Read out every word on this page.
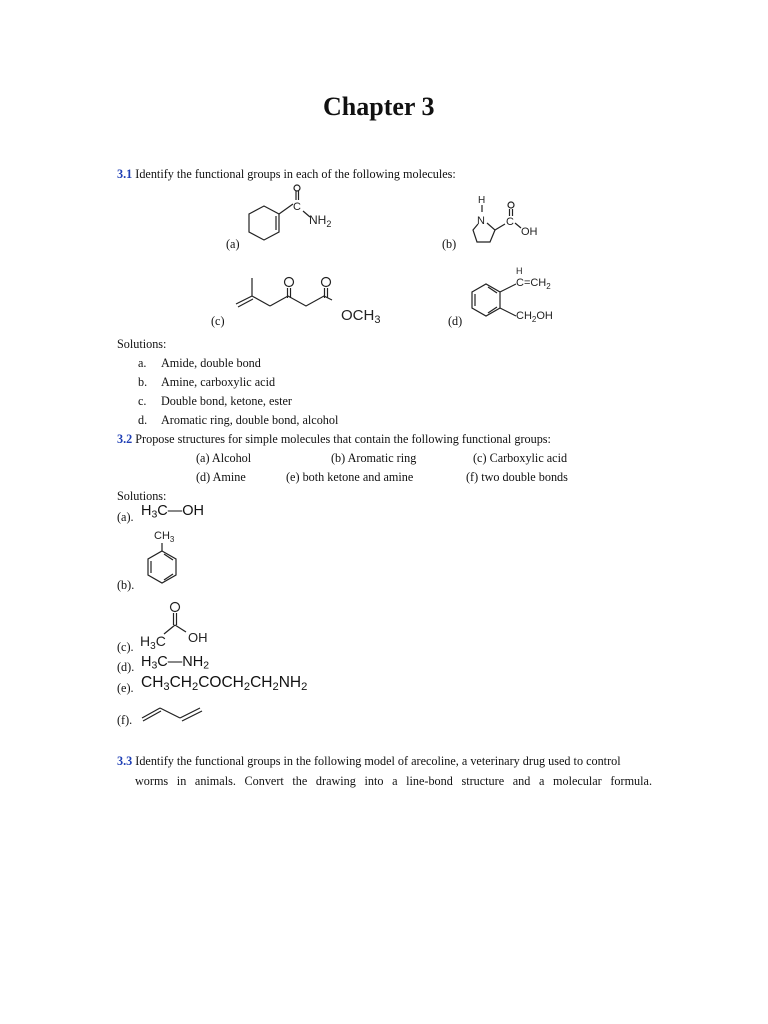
Chapter 3
3.1 Identify the functional groups in each of the following molecules:
C
$NH_2$
(a)
H
N C
OH
(b)
$OCH_3$
(c)
H
$C=CH_2$
$CH_2OH$
(d)
Solutions:
a. Amide, double bond
b. Amine, carboxylic acid
c. Double bond, ketone, ester
d. Aromatic ring, double bond, alcohol
3.2 Propose structures for simple molecules that contain the following functional groups:
(a) Alcohol	(b) Aromatic ring	(c) Carboxylic acid
(d) Amine	(e) both ketone and amine	(f) two double bonds
Solutions:
(a). $H_3C—OH$
$CH_3$
(b).
OH
$H_3C$
(c).
(d). $H_3C—NH_2$
(e). $CH_3CH_2COCH_2CH_2NH_2$
(f).
3.3 Identify the functional groups in the following model of arecoline, a veterinary drug used to control
worms in animals. Convert the drawing into a line-bond structure and a molecular formula.
